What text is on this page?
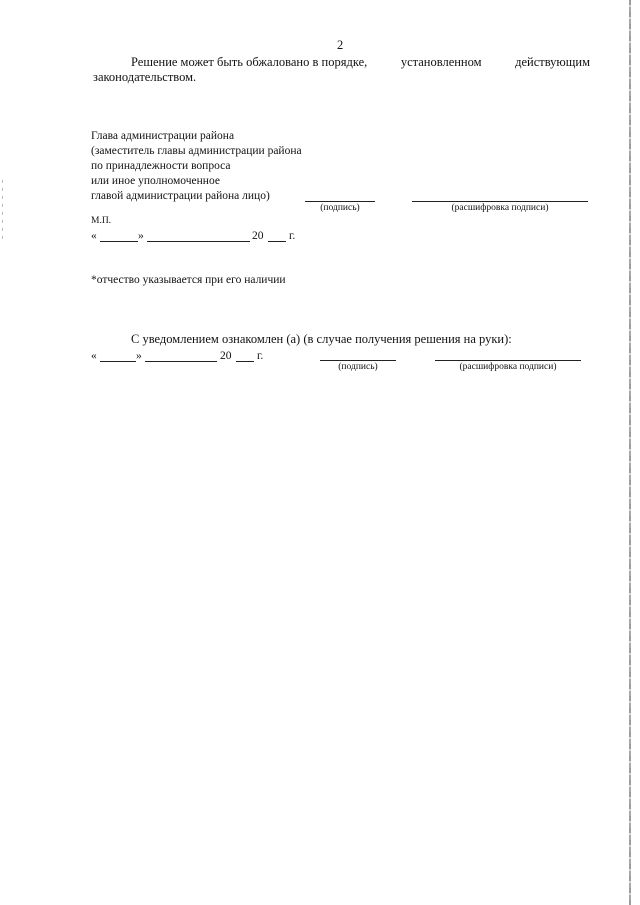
2
Решение может быть обжаловано в порядке,	установленном	действующим
законодательством.
Глава администрации района
(заместитель главы администрации района
по принадлежности вопроса
или иное уполномоченное
главой администрации района лицо)
(подпись)	(расшифровка подписи)
М.П.
«	»	20 г.
*отчество указывается при его наличии
С уведомлением ознакомлен (а) (в случае получения решения на руки):
«	»	20 г.
(подпись)	(расшифровка подписи)
